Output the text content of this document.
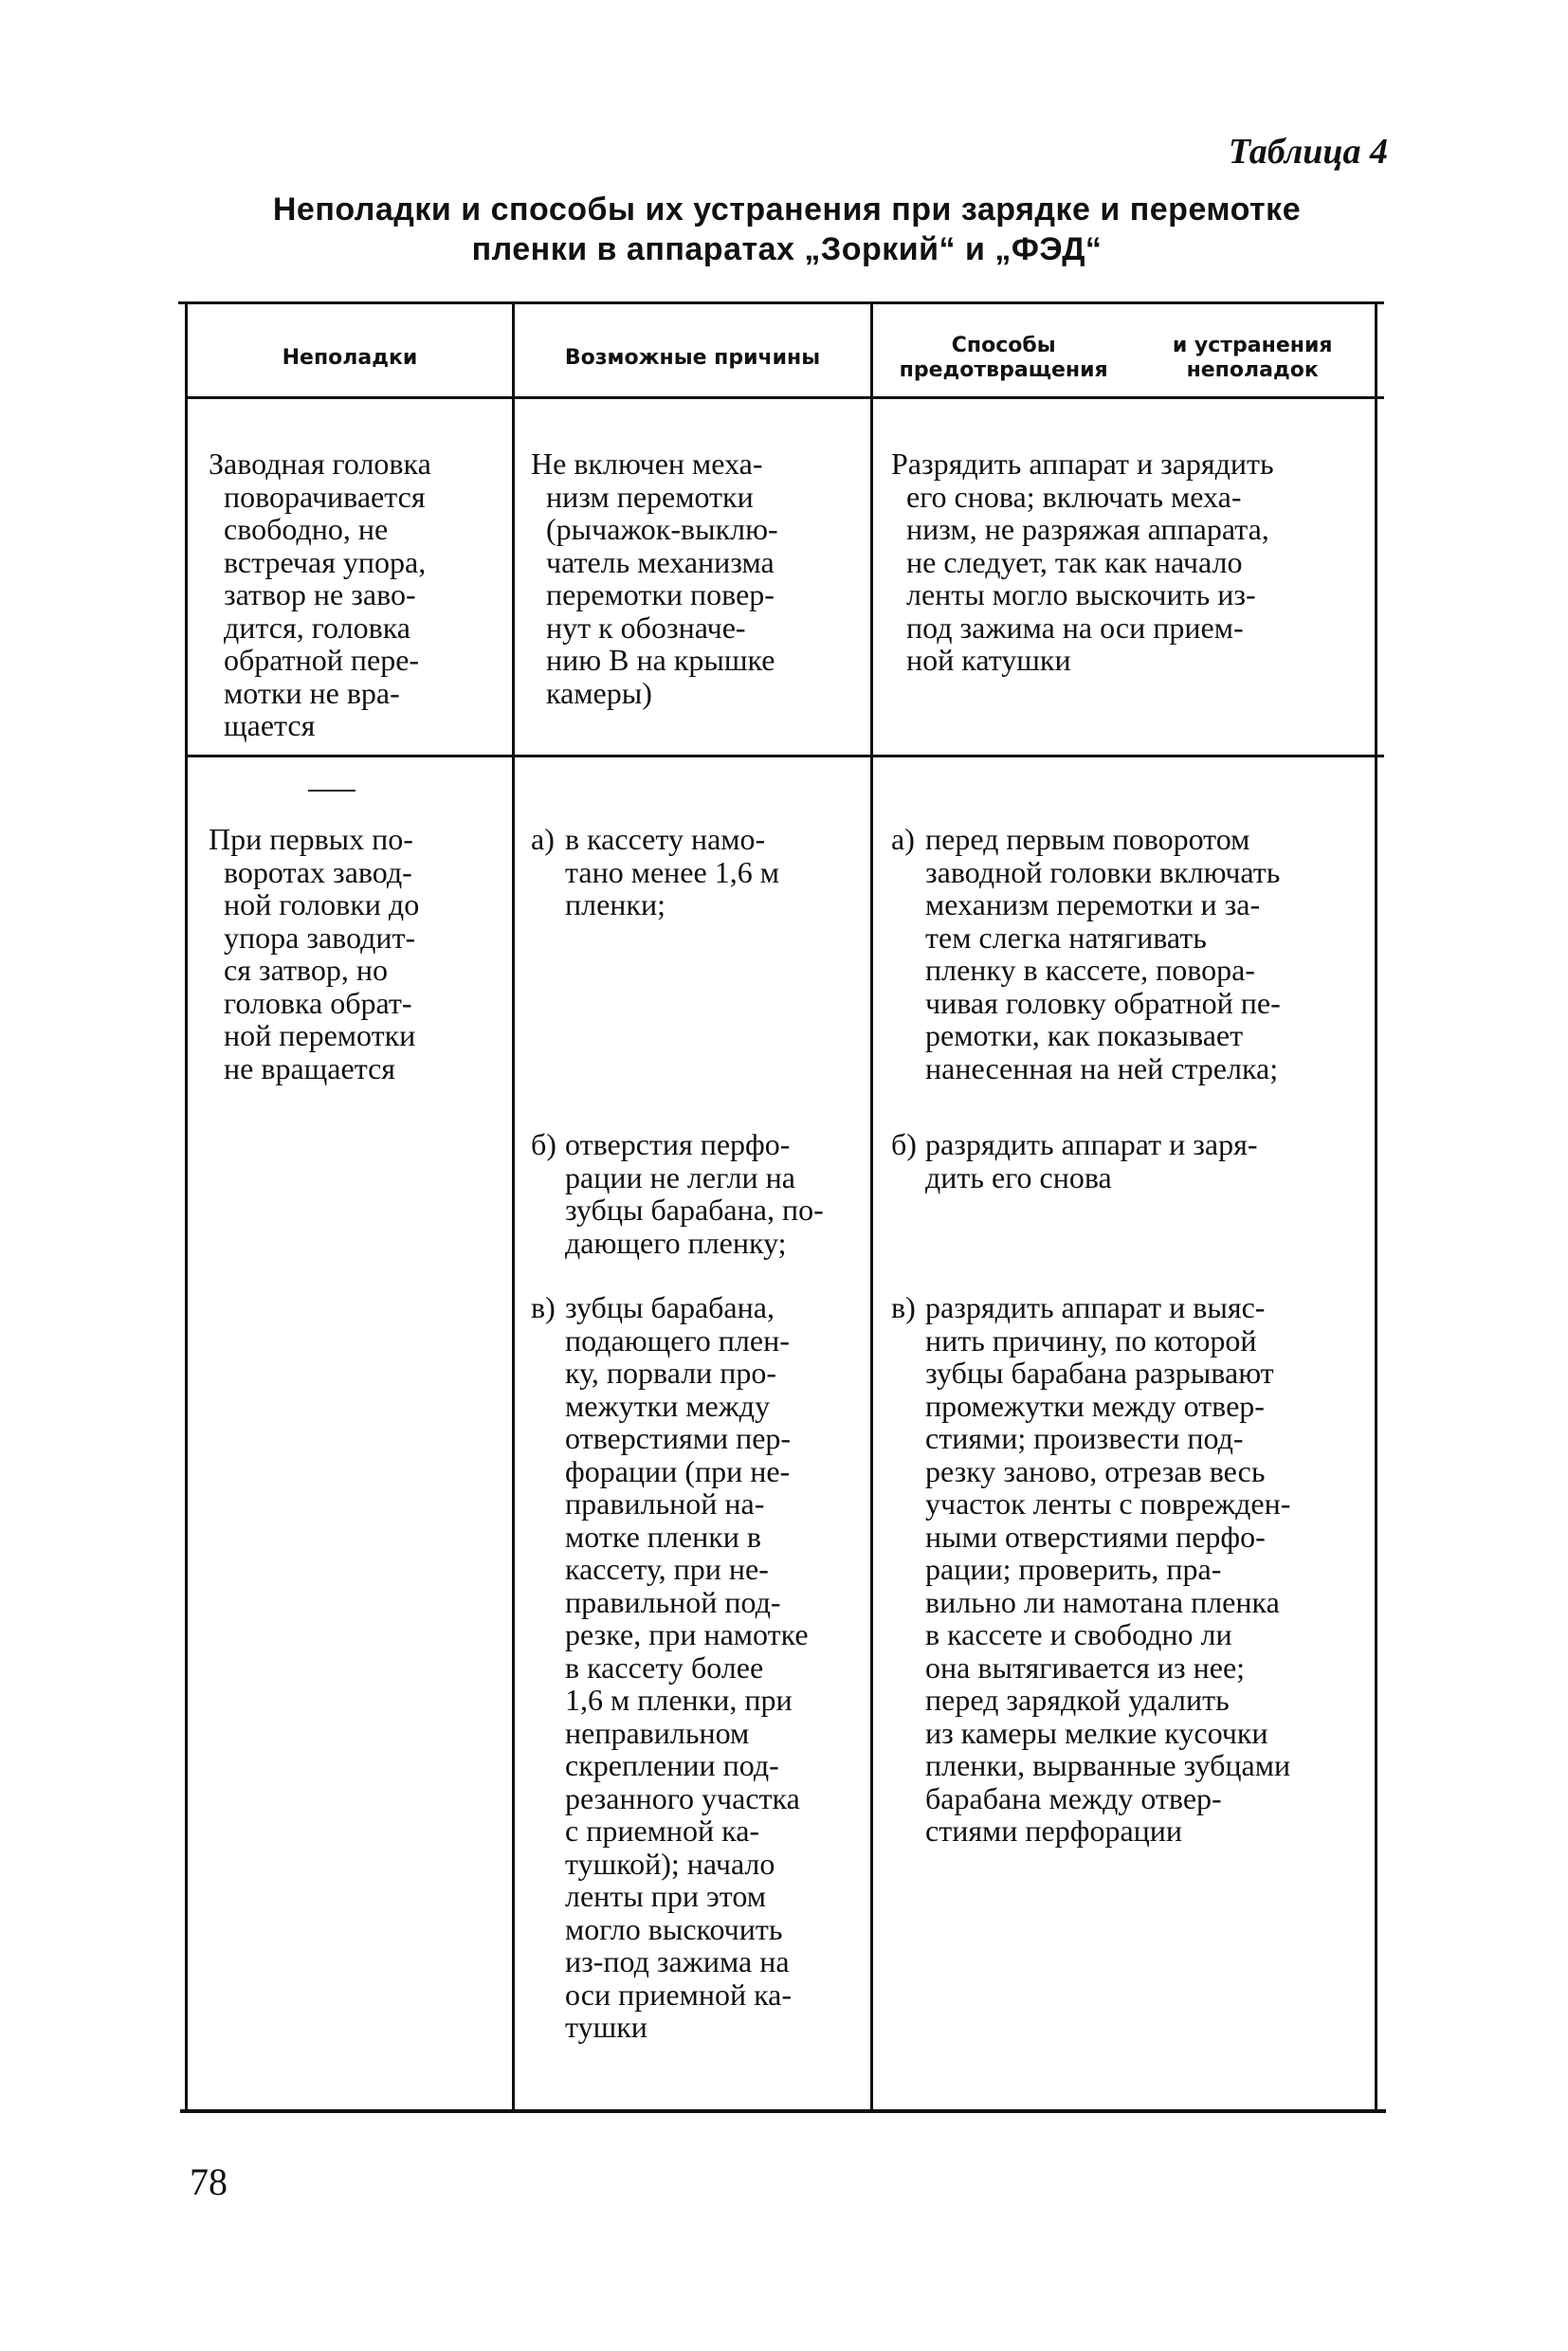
Таблица 4
Неполадки и способы их устранения при зарядке и перемотке
пленки в аппаратах „Зоркий“ и „ФЭД“
Неполадки	Возможные причины
Способы предотвращения
и устранения неполадок
Заводная головка
поворачивается
свободно, не
встречая упора,
затвор не заво-
дится, головка
обратной пере-
мотки не вра-
щается
Не включен меха-
низм перемотки
(рычажок-выклю-
чатель механизма
перемотки повер-
нут к обозначе-
нию В на крышке
камеры)
Разрядить аппарат и зарядить
его снова; включать меха-
низм, не разряжая аппарата,
не следует, так как начало
ленты могло выскочить из-
под зажима на оси прием-
ной катушки
При первых по-
воротах завод-
ной головки до
упора заводит-
ся затвор, но
головка обрат-
ной перемотки
не вращается

а)

в кассету намо-
тано менее 1,6 м
пленки;

б)

отверстия перфо-
рации не легли на
зубцы барабана, по-
дающего пленку;

в)

зубцы барабана,
подающего плен-
ку, порвали про-
межутки между
отверстиями пер-
форации (при не-
правильной на-
мотке пленки в
кассету, при не-
правильной под-
резке, при намотке
в кассету более
1,6 м пленки, при
неправильном
скреплении под-
резанного участка
с приемной ка-
тушкой); начало
ленты при этом
могло выскочить
из-под зажима на
оси приемной ка-
тушки

а)

перед первым поворотом
заводной головки включать
механизм перемотки и за-
тем слегка натягивать
пленку в кассете, повора-
чивая головку обратной пе-
ремотки, как показывает
нанесенная на ней стрелка;

б)

разрядить аппарат и заря-
дить его снова

в)

разрядить аппарат и выяс-
нить причину, по которой
зубцы барабана разрывают
промежутки между отвер-
стиями; произвести под-
резку заново, отрезав весь
участок ленты с поврежден-
ными отверстиями перфо-
рации; проверить, пра-
вильно ли намотана пленка
в кассете и свободно ли
она вытягивается из нее;
перед зарядкой удалить
из камеры мелкие кусочки
пленки, вырванные зубцами
барабана между отвер-
стиями перфорации

78
